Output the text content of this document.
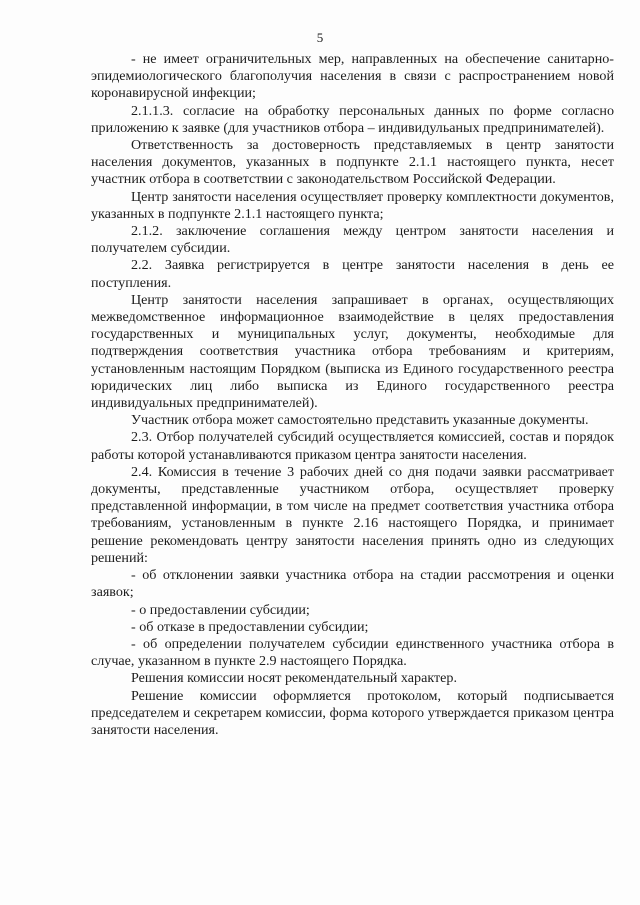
5

- не имеет ограничительных мер, направленных на обеспечение санитарно-эпидемиологического благополучия населения в связи с распространением новой коронавирусной инфекции;

2.1.1.3. согласие на обработку персональных данных по форме согласно приложению к заявке (для участников отбора – индивидульаных предпринимателей).

Ответственность за достоверность представляемых в центр занятости населения документов, указанных в подпункте 2.1.1 настоящего пункта, несет участник отбора в соответствии с законодательством Российской Федерации.

Центр занятости населения осуществляет проверку комплектности документов, указанных в подпункте 2.1.1 настоящего пункта;

2.1.2. заключение соглашения между центром занятости населения и получателем субсидии.

2.2. Заявка регистрируется в центре занятости населения в день ее поступления.

Центр занятости населения запрашивает в органах, осуществляющих межведомственное информационное взаимодействие в целях предоставления государственных и муниципальных услуг, документы, необходимые для подтверждения соответствия участника отбора требованиям и критериям, установленным настоящим Порядком (выписка из Единого государственного реестра юридических лиц либо выписка из Единого государственного реестра индивидуальных предпринимателей).

Участник отбора может самостоятельно представить указанные документы.

2.3. Отбор получателей субсидий осуществляется комиссией, состав и порядок работы которой устанавливаются приказом центра занятости населения.

2.4. Комиссия в течение 3 рабочих дней со дня подачи заявки рассматривает документы, представленные участником отбора, осуществляет проверку представленной информации, в том числе на предмет соответствия участника отбора требованиям, установленным в пункте 2.16 настоящего Порядка, и принимает решение рекомендовать центру занятости населения принять одно из следующих решений:

- об отклонении заявки участника отбора на стадии рассмотрения и оценки заявок;

- о предоставлении субсидии;

- об отказе в предоставлении субсидии;

- об определении получателем субсидии единственного участника отбора в случае, указанном в пункте 2.9 настоящего Порядка.

Решения комиссии носят рекомендательный характер.

Решение комиссии оформляется протоколом, который подписывается председателем и секретарем комиссии, форма которого утверждается приказом центра занятости населения.
